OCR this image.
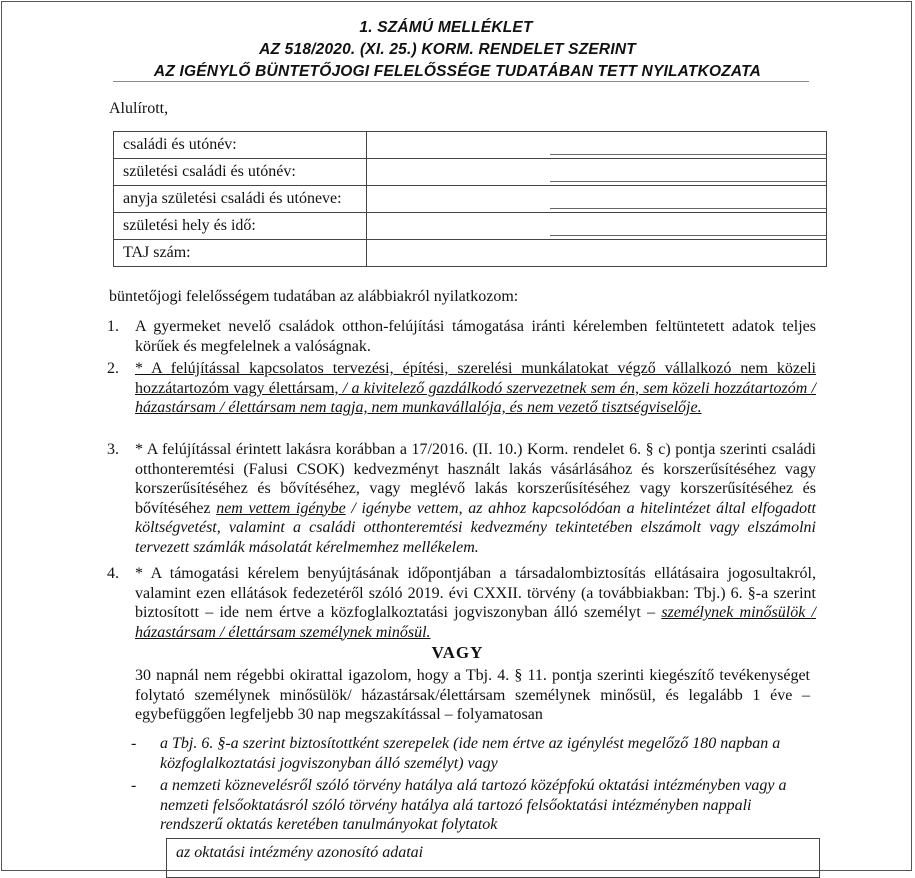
1. SZÁMÚ MELLÉKLET
AZ 518/2020. (XI. 25.) KORM. RENDELET SZERINT
AZ IGÉNYLŐ BÜNTETŐJOGI FELELŐSSÉGE TUDATÁBAN TETT NYILATKOZATA
Alulírott,
családi és utónév:	

születési családi és utónév:	

anyja születési családi és utóneve:	

születési hely és idő:	

TAJ szám:	
büntetőjogi felelősségem tudatában az alábbiakról nyilatkozom:
1. A gyermeket nevelő családok otthon-felújítási támogatása iránti kérelemben feltüntetett adatok teljes körűek és megfelelnek a valóságnak.
2. * A felújítással kapcsolatos tervezési, építési, szerelési munkálatokat végző vállalkozó nem közeli hozzátartozóm vagy élettársam, / a kivitelező gazdálkodó szervezetnek sem én, sem közeli hozzátartozóm / házastársam / élettársam nem tagja, nem munkavállalója, és nem vezető tisztségviselője.
3. * A felújítással érintett lakásra korábban a 17/2016. (II. 10.) Korm. rendelet 6. § c) pontja szerinti családi otthonteremtési (Falusi CSOK) kedvezményt használt lakás vásárlásához és korszerűsítéséhez vagy korszerűsítéséhez és bővítéséhez, vagy meglévő lakás korszerűsítéséhez vagy korszerűsítéséhez és bővítéséhez nem vettem igénybe / igénybe vettem, az ahhoz kapcsolódóan a hitelintézet által elfogadott költségvetést, valamint a családi otthonteremtési kedvezmény tekintetében elszámolt vagy elszámolni tervezett számlák másolatát kérelmemhez mellékelem.
4. * A támogatási kérelem benyújtásának időpontjában a társadalombiztosítás ellátásaira jogosultakról, valamint ezen ellátások fedezetéről szóló 2019. évi CXXII. törvény (a továbbiakban: Tbj.) 6. §-a szerint biztosított – ide nem értve a közfoglalkoztatási jogviszonyban álló személyt – személynek minősülök / házastársam / élettársam személynek minősül.
VAGY
30 napnál nem régebbi okirattal igazolom, hogy a Tbj. 4. § 11. pontja szerinti kiegészítő tevékenységet folytató személynek minősülök/ házastársak/élettársam személynek minősül, és legalább 1 éve – egybefüggően legfeljebb 30 nap megszakítással – folyamatosan
- a Tbj. 6. §-a szerint biztosítottként szerepelek (ide nem értve az igénylést megelőző 180 napban a közfoglalkoztatási jogviszonyban álló személyt) vagy
- a nemzeti köznevelésről szóló törvény hatálya alá tartozó középfokú oktatási intézményben vagy a nemzeti felsőoktatásról szóló törvény hatálya alá tartozó felsőoktatási intézményben nappali rendszerű oktatás keretében tanulmányokat folytatok
az oktatási intézmény azonosító adatai
